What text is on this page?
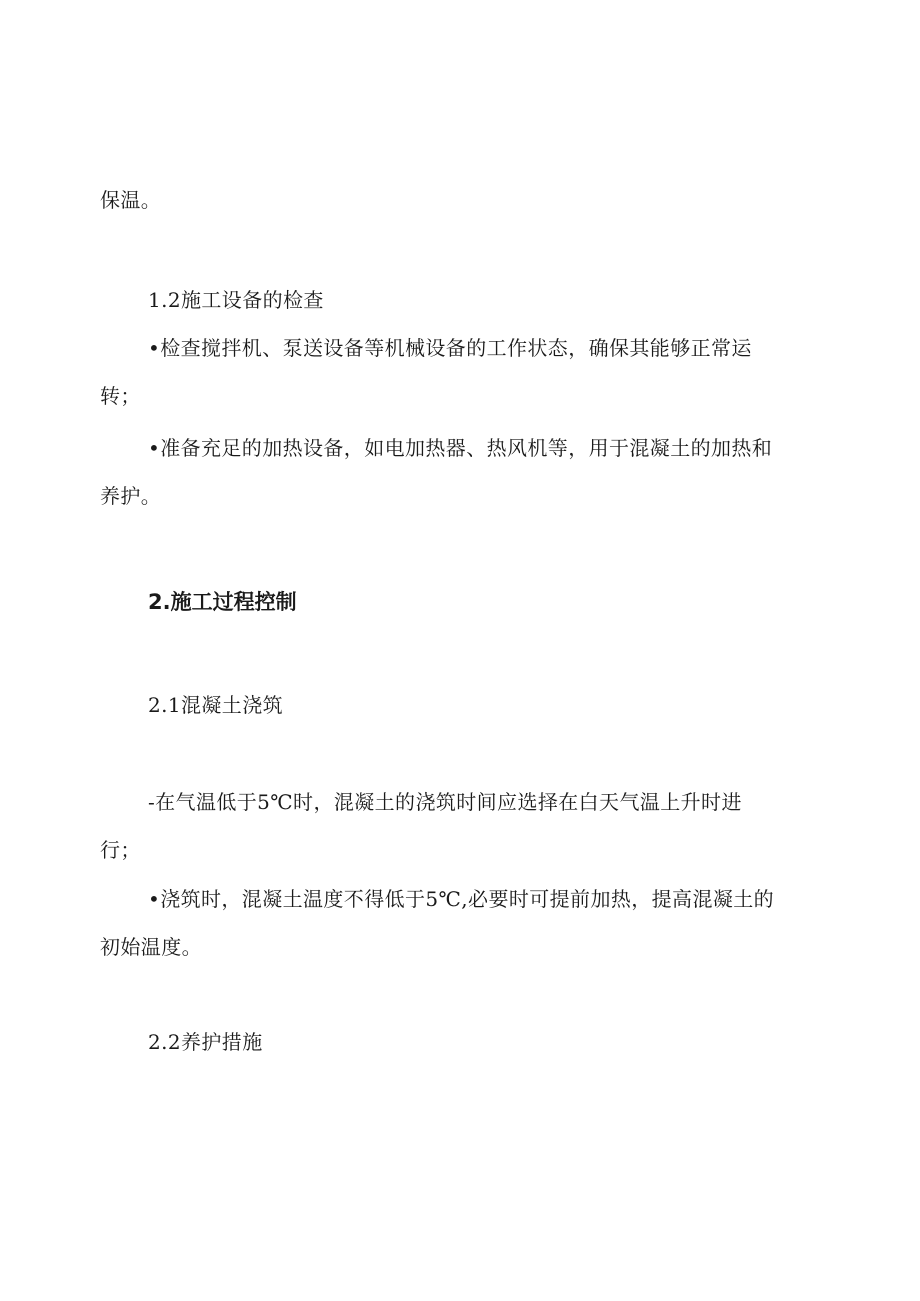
保温。
1.2施工设备的检查
•检查搅拌机、泵送设备等机械设备的工作状态，确保其能够正常运
转；
•准备充足的加热设备，如电加热器、热风机等，用于混凝土的加热和
养护。
2.施工过程控制
2.1混凝土浇筑
-在气温低于5℃时，混凝土的浇筑时间应选择在白天气温上升时进
行；
•浇筑时，混凝土温度不得低于5℃,必要时可提前加热，提高混凝土的
初始温度。
2.2养护措施
